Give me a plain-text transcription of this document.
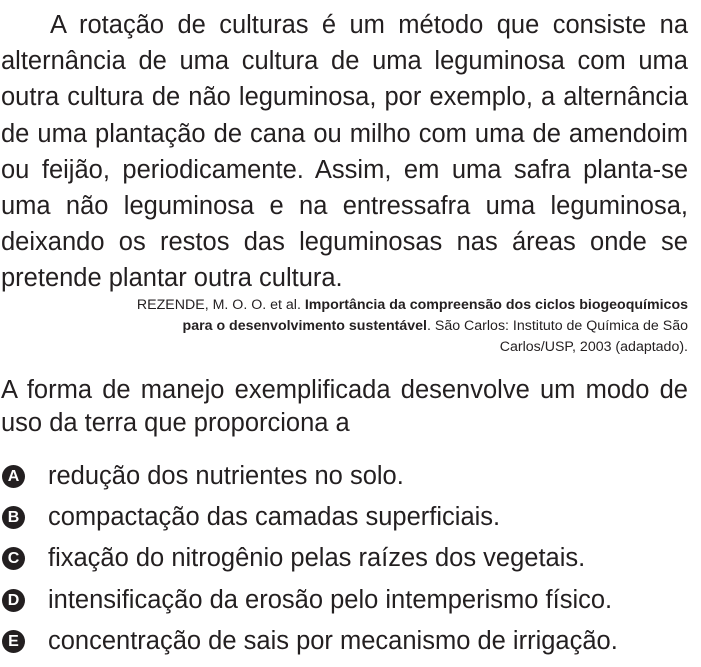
A rotação de culturas é um método que consiste na alternância de uma cultura de uma leguminosa com uma outra cultura de não leguminosa, por exemplo, a alternância de uma plantação de cana ou milho com uma de amendoim ou feijão, periodicamente. Assim, em uma safra planta-se uma não leguminosa e na entressafra uma leguminosa, deixando os restos das leguminosas nas áreas onde se pretende plantar outra cultura.

REZENDE, M. O. O. et al. Importância da compreensão dos ciclos biogeoquímicos para o desenvolvimento sustentável. São Carlos: Instituto de Química de São Carlos/USP, 2003 (adaptado).

A forma de manejo exemplificada desenvolve um modo de uso da terra que proporciona a

A redução dos nutrientes no solo.
B compactação das camadas superficiais.
C fixação do nitrogênio pelas raízes dos vegetais.
D intensificação da erosão pelo intemperismo físico.
E concentração de sais por mecanismo de irrigação.
